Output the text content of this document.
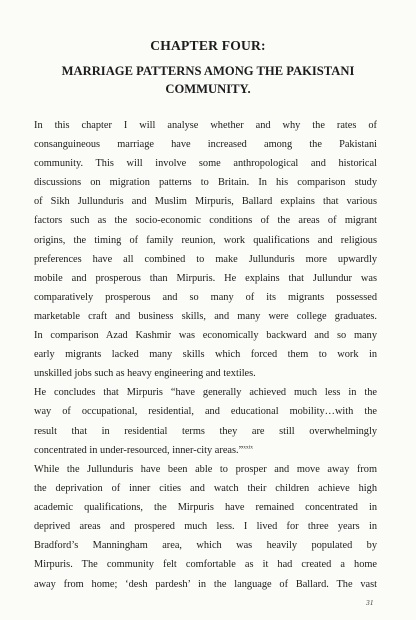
CHAPTER FOUR:
MARRIAGE PATTERNS AMONG THE PAKISTANI
COMMUNITY.
In this chapter I will analyse whether and why the rates of
consanguineous marriage have increased among the Pakistani
community. This will involve some anthropological and historical
discussions on migration patterns to Britain. In his comparison study
of Sikh Jullunduris and Muslim Mirpuris, Ballard explains that various
factors such as the socio-economic conditions of the areas of migrant
origins, the timing of family reunion, work qualifications and religious
preferences have all combined to make Jullunduris more upwardly
mobile and prosperous than Mirpuris. He explains that Jullundur was
comparatively prosperous and so many of its migrants possessed
marketable craft and business skills, and many were college graduates.
In comparison Azad Kashmir was economically backward and so many
early migrants lacked many skills which forced them to work in
unskilled jobs such as heavy engineering and textiles.
He concludes that Mirpuris “have generally achieved much less in the
way of occupational, residential, and educational mobility…with the
result that in residential terms they are still overwhelmingly
concentrated in under-resourced, inner-city areas.”$^{xxix}$
While the Jullunduris have been able to prosper and move away from
the deprivation of inner cities and watch their children achieve high
academic qualifications, the Mirpuris have remained concentrated in
deprived areas and prospered much less. I lived for three years in
Bradford’s Manningham area, which was heavily populated by
Mirpuris. The community felt comfortable as it had created a home
away from home; ‘desh pardesh’ in the language of Ballard. The vast
31
